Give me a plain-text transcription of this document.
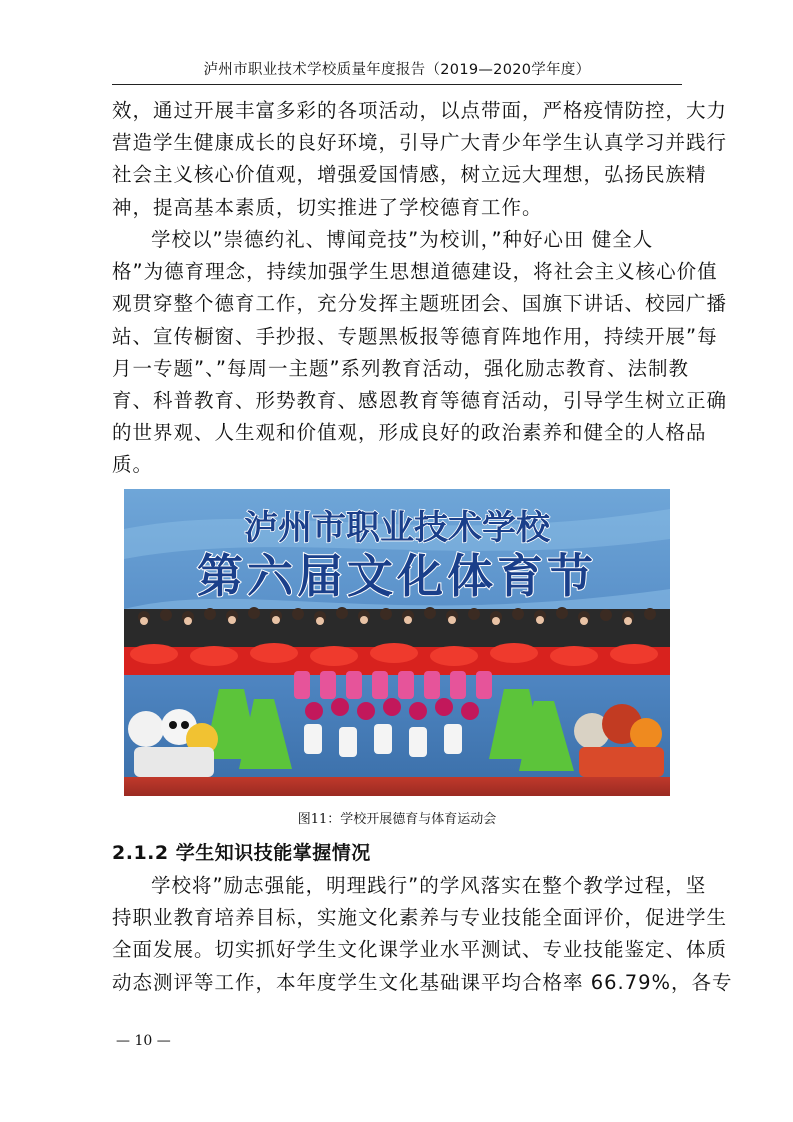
泸州市职业技术学校质量年度报告（2019—2020学年度）
效，通过开展丰富多彩的各项活动，以点带面，严格疫情防控，大力
营造学生健康成长的良好环境，引导广大青少年学生认真学习并践行
社会主义核心价值观，增强爱国情感，树立远大理想，弘扬民族精
神，提高基本素质，切实推进了学校德育工作。
学校以”崇德约礼、博闻竞技”为校训，”种好心田 健全人
格”为德育理念，持续加强学生思想道德建设，将社会主义核心价值
观贯穿整个德育工作，充分发挥主题班团会、国旗下讲话、校园广播
站、宣传橱窗、手抄报、专题黑板报等德育阵地作用，持续开展”每
月一专题”、”每周一主题”系列教育活动，强化励志教育、法制教
育、科普教育、形势教育、感恩教育等德育活动，引导学生树立正确
的世界观、人生观和价值观，形成良好的政治素养和健全的人格品
质。
泸州市职业技术学校
第六届文化体育节
图11：学校开展德育与体育运动会
2.1.2 学生知识技能掌握情况
学校将”励志强能，明理践行”的学风落实在整个教学过程，坚
持职业教育培养目标，实施文化素养与专业技能全面评价，促进学生
全面发展。切实抓好学生文化课学业水平测试、专业技能鉴定、体质
动态测评等工作，本年度学生文化基础课平均合格率 66.79%，各专
— 10 —
